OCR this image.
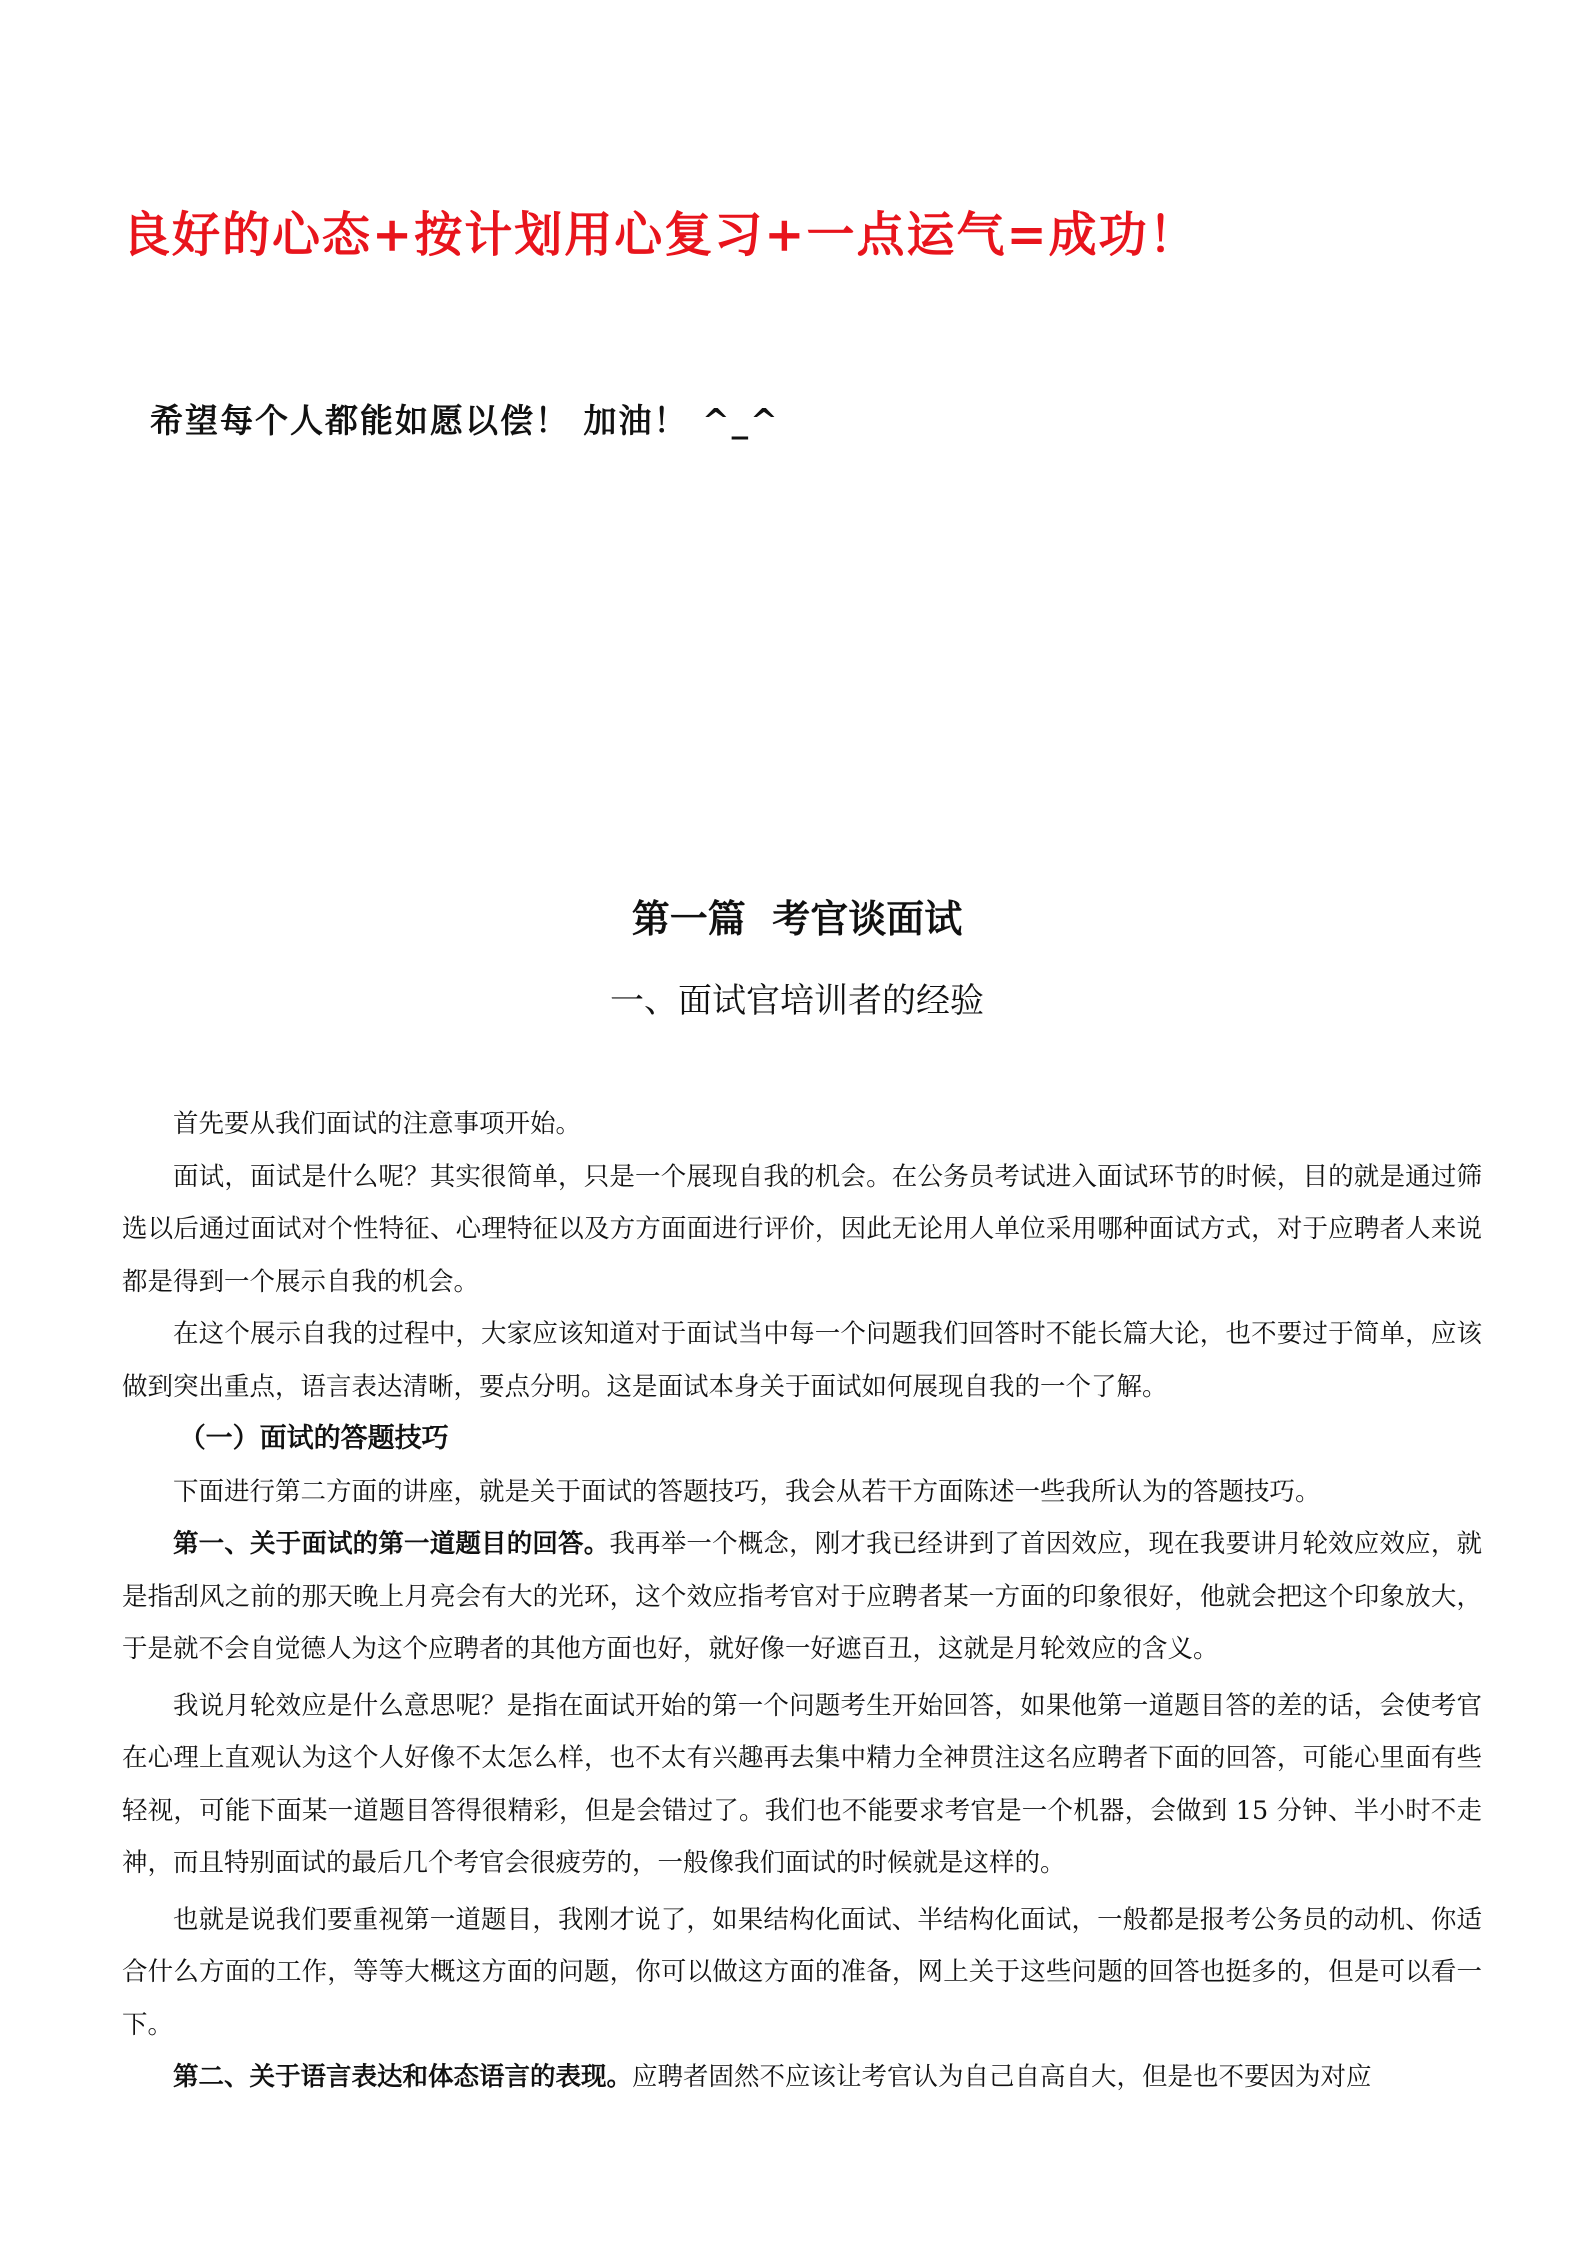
良好的心态+按计划用心复习+一点运气=成功！
希望每个人都能如愿以偿！ 加油！ ^_^
第一篇  考官谈面试
一、面试官培训者的经验

首先要从我们面试的注意事项开始。

面试，面试是什么呢？其实很简单，只是一个展现自我的机会。在公务员考试进入面试环节的时候，目的就是通过筛选以后通过面试对个性特征、心理特征以及方方面面进行评价，因此无论用人单位采用哪种面试方式，对于应聘者人来说都是得到一个展示自我的机会。

在这个展示自我的过程中，大家应该知道对于面试当中每一个问题我们回答时不能长篇大论，也不要过于简单，应该做到突出重点，语言表达清晰，要点分明。这是面试本身关于面试如何展现自我的一个了解。

（一）面试的答题技巧

下面进行第二方面的讲座，就是关于面试的答题技巧，我会从若干方面陈述一些我所认为的答题技巧。

第一、关于面试的第一道题目的回答。我再举一个概念，刚才我已经讲到了首因效应，现在我要讲月轮效应效应，就是指刮风之前的那天晚上月亮会有大的光环，这个效应指考官对于应聘者某一方面的印象很好，他就会把这个印象放大，于是就不会自觉德人为这个应聘者的其他方面也好，就好像一好遮百丑，这就是月轮效应的含义。

我说月轮效应是什么意思呢？是指在面试开始的第一个问题考生开始回答，如果他第一道题目答的差的话，会使考官在心理上直观认为这个人好像不太怎么样，也不太有兴趣再去集中精力全神贯注这名应聘者下面的回答，可能心里面有些轻视，可能下面某一道题目答得很精彩，但是会错过了。我们也不能要求考官是一个机器，会做到 15 分钟、半小时不走神，而且特别面试的最后几个考官会很疲劳的，一般像我们面试的时候就是这样的。

也就是说我们要重视第一道题目，我刚才说了，如果结构化面试、半结构化面试，一般都是报考公务员的动机、你适合什么方面的工作，等等大概这方面的问题，你可以做这方面的准备，网上关于这些问题的回答也挺多的，但是可以看一下。

第二、关于语言表达和体态语言的表现。应聘者固然不应该让考官认为自己自高自大，但是也不要因为对应
